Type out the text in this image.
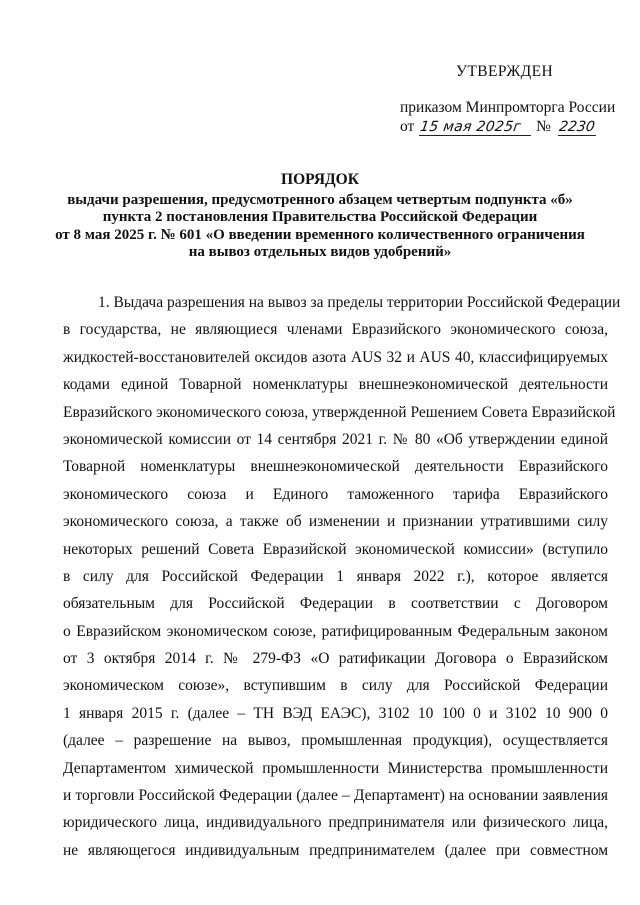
УТВЕРЖДЕН
приказом Минпромторга России
от 15 мая 2025г № 2230
ПОРЯДОК
выдачи разрешения, предусмотренного абзацем четвертым подпункта «б»
пункта 2 постановления Правительства Российской Федерации
от 8 мая 2025 г. № 601 «О введении временного количественного ограничения
на вывоз отдельных видов удобрений»
1. Выдача разрешения на вывоз за пределы территории Российской Федерации
в государства, не являющиеся членами Евразийского экономического союза,
жидкостей-восстановителей оксидов азота AUS 32 и AUS 40, классифицируемых
кодами единой Товарной номенклатуры внешнеэкономической деятельности
Евразийского экономического союза, утвержденной Решением Совета Евразийской
экономической комиссии от 14 сентября 2021 г. № 80 «Об утверждении единой
Товарной номенклатуры внешнеэкономической деятельности Евразийского
экономического союза и Единого таможенного тарифа Евразийского
экономического союза, а также об изменении и признании утратившими силу
некоторых решений Совета Евразийской экономической комиссии» (вступило
в силу для Российской Федерации 1 января 2022 г.), которое является
обязательным для Российской Федерации в соответствии с Договором
о Евразийском экономическом союзе, ратифицированным Федеральным законом
от 3 октября 2014 г. № 279-ФЗ «О ратификации Договора о Евразийском
экономическом союзе», вступившим в силу для Российской Федерации
1 января 2015 г. (далее – ТН ВЭД ЕАЭС), 3102 10 100 0 и 3102 10 900 0
(далее – разрешение на вывоз, промышленная продукция), осуществляется
Департаментом химической промышленности Министерства промышленности
и торговли Российской Федерации (далее – Департамент) на основании заявления
юридического лица, индивидуального предпринимателя или физического лица,
не являющегося индивидуальным предпринимателем (далее при совместном
